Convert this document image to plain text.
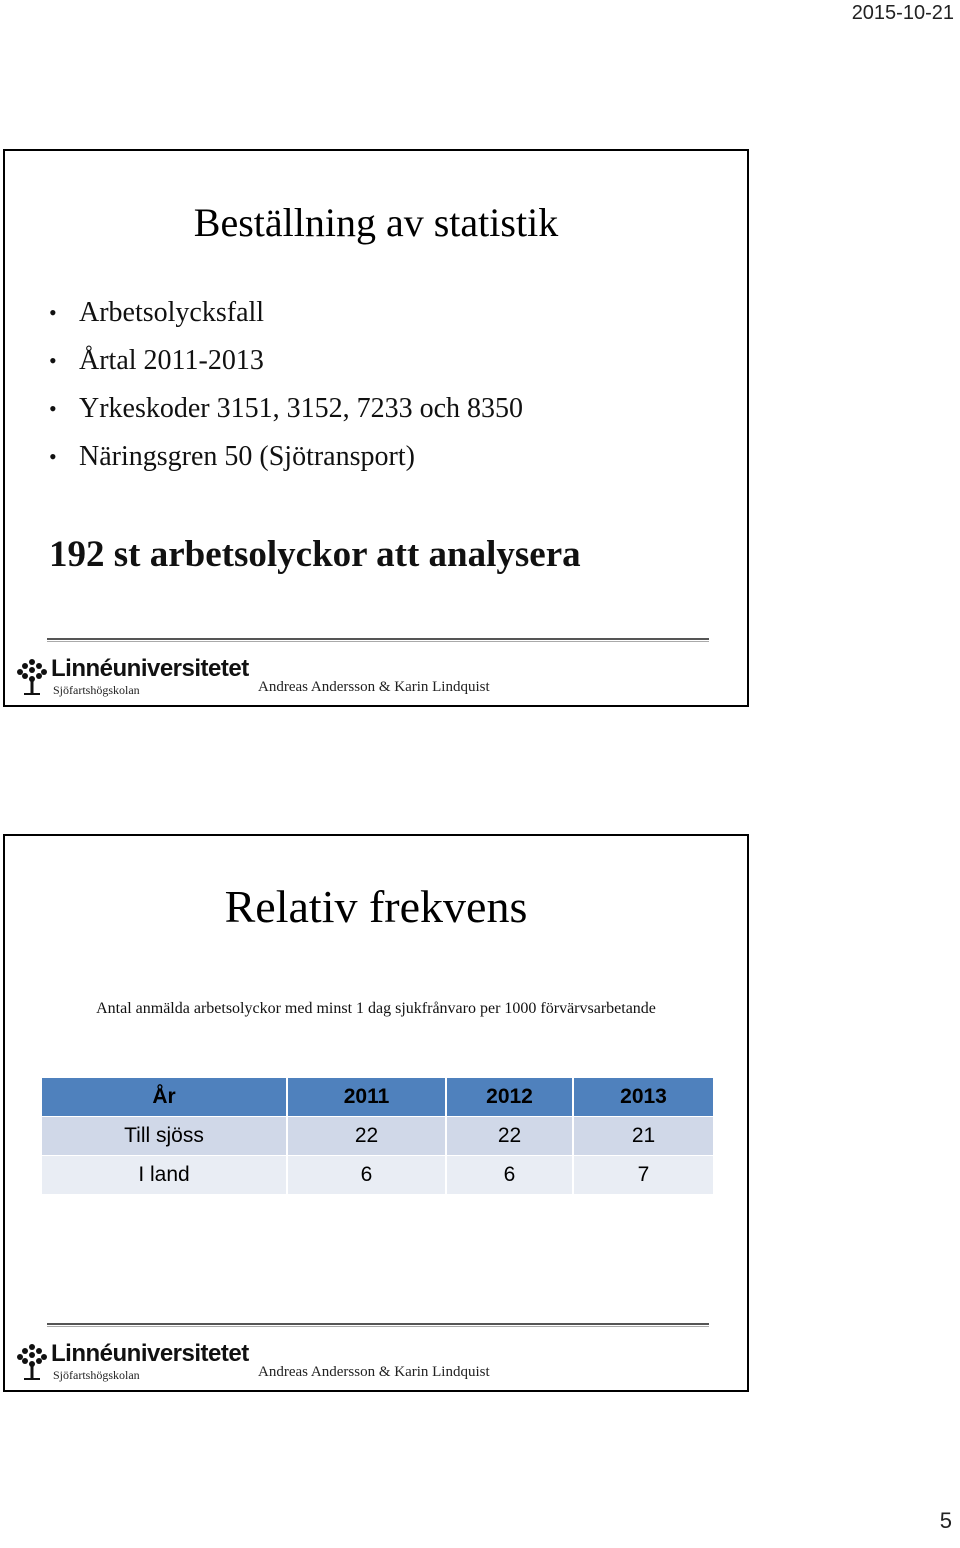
2015-10-21
Beställning av statistik
• Arbetsolycksfall
• Årtal 2011-2013
• Yrkeskoder 3151, 3152, 7233 och 8350
• Näringsgren 50 (Sjötransport)
192 st arbetsolyckor att analysera
Linnéuniversitetet
Sjöfartshögskolan	Andreas Andersson & Karin Lindquist
Relativ frekvens
Antal anmälda arbetsolyckor med minst 1 dag sjukfrånvaro per 1000 förvärvsarbetande
År	2011	2012	2013
Till sjöss	22	22	21
I land	6	6	7
Linnéuniversitetet
Sjöfartshögskolan	Andreas Andersson & Karin Lindquist
5
